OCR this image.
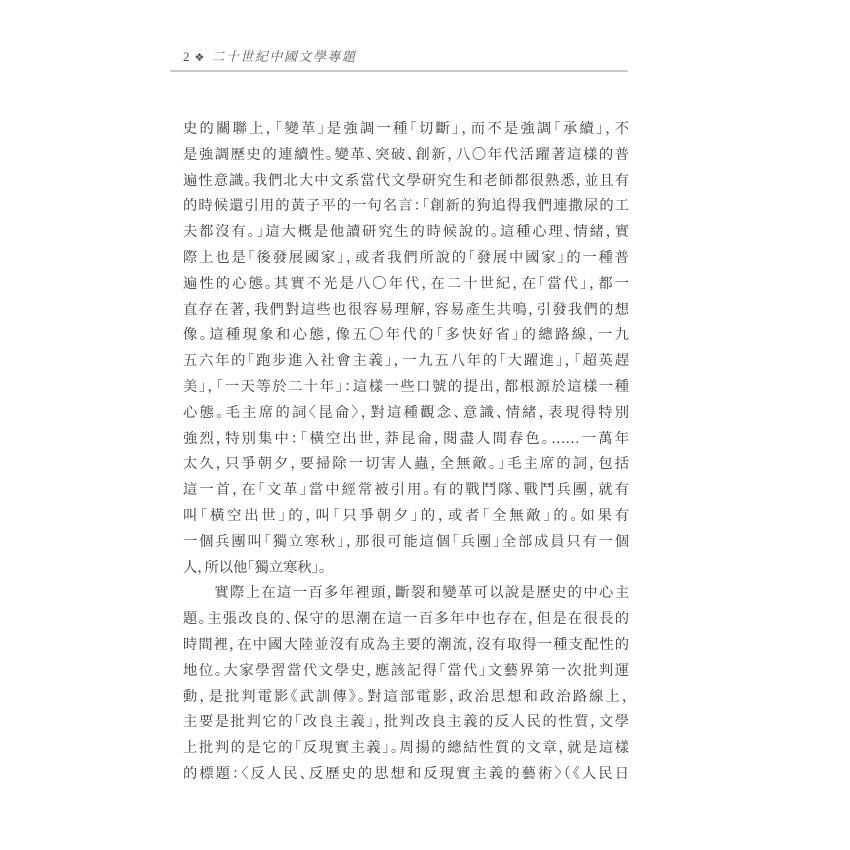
2 ❖ 二十世紀中國文學專題
史的關聯上，「變革」是強調一種「切斷」，而不是強調「承續」，不
是強調歷史的連續性。變革、突破、創新，八〇年代活躍著這樣的普
遍性意識。我們北大中文系當代文學研究生和老師都很熟悉，並且有
的時候還引用的黃子平的一句名言：「創新的狗追得我們連撒尿的工
夫都沒有。」這大概是他讀研究生的時候說的。這種心理、情緒，實
際上也是「後發展國家」，或者我們所說的「發展中國家」的一種普
遍性的心態。其實不光是八〇年代，在二十世紀，在「當代」，都一
直存在著，我們對這些也很容易理解，容易產生共鳴，引發我們的想
像。這種現象和心態，像五〇年代的「多快好省」的總路線，一九
五六年的「跑步進入社會主義」，一九五八年的「大躍進」，「超英趕
美」，「一天等於二十年」：這樣一些口號的提出，都根源於這樣一種
心態。毛主席的詞〈昆侖〉，對這種觀念、意識、情緒，表現得特別
強烈，特別集中：「橫空出世，莽昆侖，閱盡人間春色。……一萬年
太久，只爭朝夕，要掃除一切害人蟲，全無敵。」毛主席的詞，包括
這一首，在「文革」當中經常被引用。有的戰鬥隊、戰鬥兵團，就有
叫「橫空出世」的，叫「只爭朝夕」的，或者「全無敵」的。如果有
一個兵團叫「獨立寒秋」，那很可能這個「兵團」全部成員只有一個
人，所以他「獨立寒秋」。
　　實際上在這一百多年裡頭，斷裂和變革可以說是歷史的中心主
題。主張改良的、保守的思潮在這一百多年中也存在，但是在很長的
時間裡，在中國大陸並沒有成為主要的潮流，沒有取得一種支配性的
地位。大家學習當代文學史，應該記得「當代」文藝界第一次批判運
動，是批判電影《武訓傳》。對這部電影，政治思想和政治路線上，
主要是批判它的「改良主義」，批判改良主義的反人民的性質，文學
上批判的是它的「反現實主義」。周揚的總結性質的文章，就是這樣
的標題：〈反人民、反歷史的思想和反現實主義的藝術〉（《人民日
